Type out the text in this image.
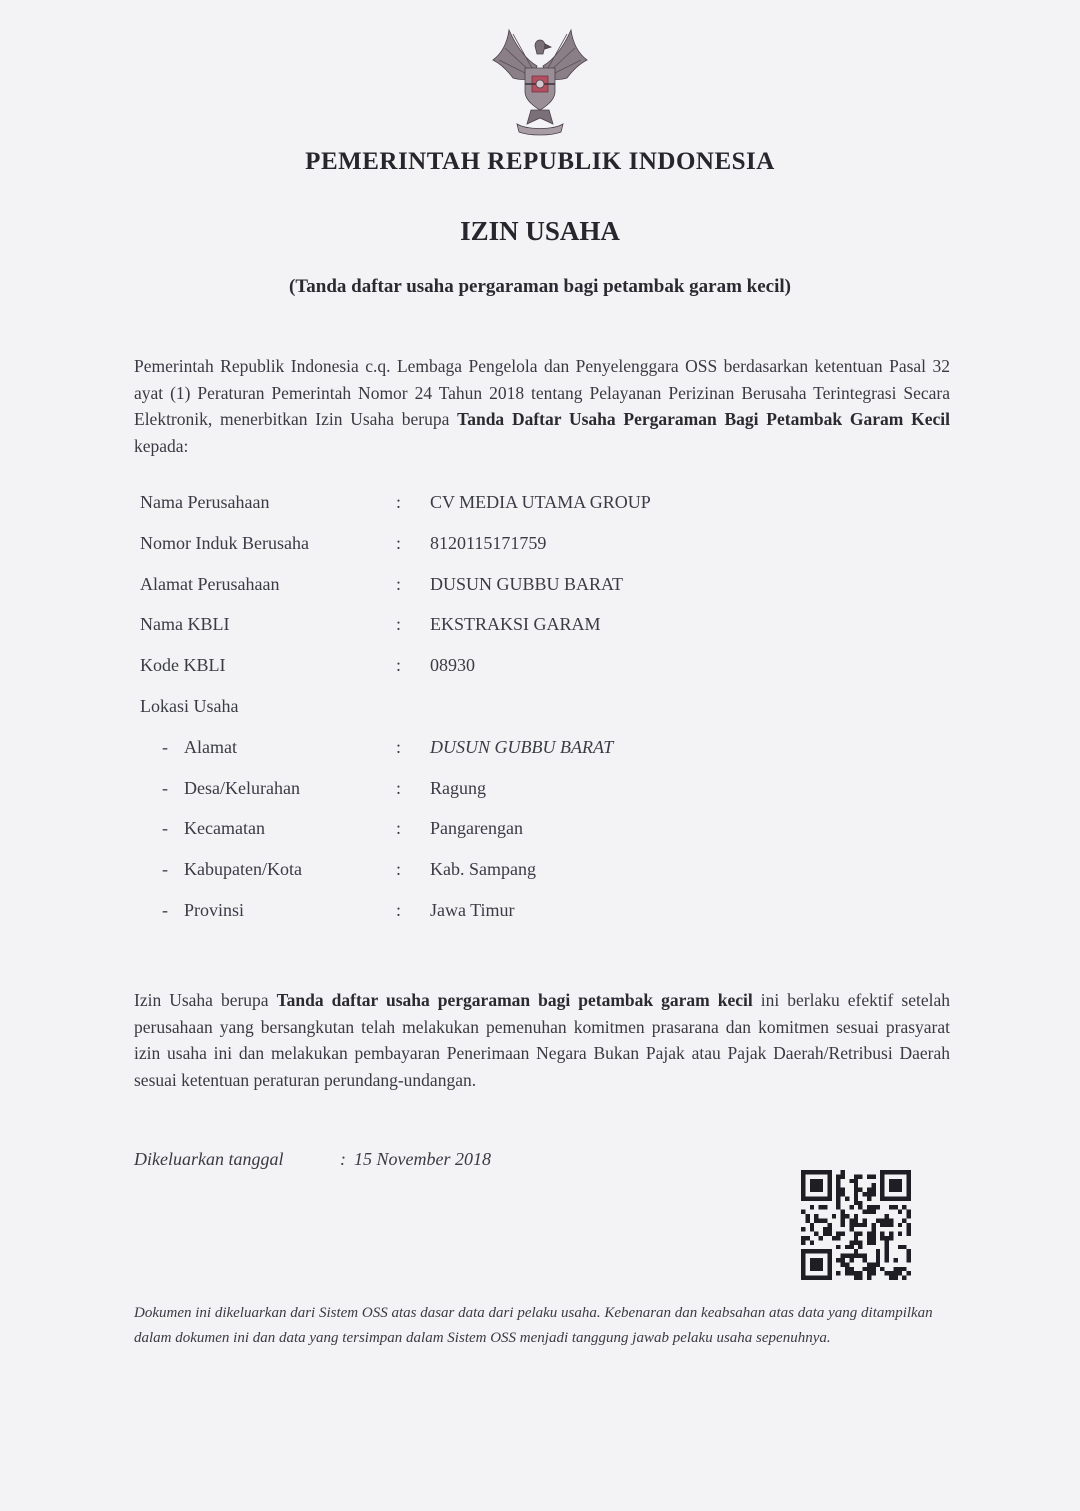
PEMERINTAH REPUBLIK INDONESIA
IZIN USAHA
(Tanda daftar usaha pergaraman bagi petambak garam kecil)
Pemerintah Republik Indonesia c.q. Lembaga Pengelola dan Penyelenggara OSS berdasarkan ketentuan Pasal 32 ayat (1) Peraturan Pemerintah Nomor 24 Tahun 2018 tentang Pelayanan Perizinan Berusaha Terintegrasi Secara Elektronik, menerbitkan Izin Usaha berupa Tanda Daftar Usaha Pergaraman Bagi Petambak Garam Kecil kepada:
Nama Perusahaan	: CV MEDIA UTAMA GROUP
Nomor Induk Berusaha	: 8120115171759
Alamat Perusahaan	: DUSUN GUBBU BARAT
Nama KBLI	: EKSTRAKSI GARAM
Kode KBLI	: 08930
Lokasi Usaha
- Alamat	: DUSUN GUBBU BARAT
- Desa/Kelurahan	: Ragung
- Kecamatan	: Pangarengan
- Kabupaten/Kota	: Kab. Sampang
- Provinsi	: Jawa Timur
Izin Usaha berupa Tanda daftar usaha pergaraman bagi petambak garam kecil ini berlaku efektif setelah perusahaan yang bersangkutan telah melakukan pemenuhan komitmen prasarana dan komitmen sesuai prasyarat izin usaha ini dan melakukan pembayaran Penerimaan Negara Bukan Pajak atau Pajak Daerah/Retribusi Daerah sesuai ketentuan peraturan perundang-undangan.
Dikeluarkan tanggal	: 15 November 2018
Dokumen ini dikeluarkan dari Sistem OSS atas dasar data dari pelaku usaha. Kebenaran dan keabsahan atas data yang ditampilkan dalam dokumen ini dan data yang tersimpan dalam Sistem OSS menjadi tanggung jawab pelaku usaha sepenuhnya.
